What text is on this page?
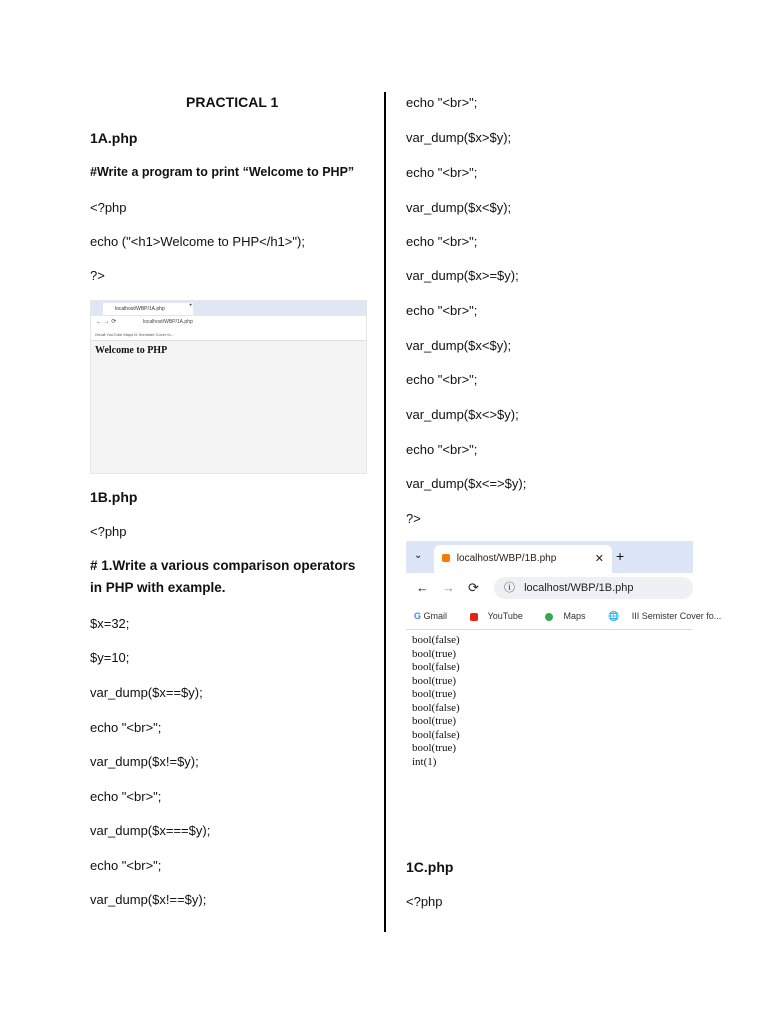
PRACTICAL 1
1A.php
#Write a program to print “Welcome to PHP”
<?php
echo ("<h1>Welcome to PHP</h1>");
?>
1B.php
<?php
# 1.Write a various comparison operators in PHP with example.
$x=32;
$y=10;
var_dump($x==$y);
echo "<br>";
var_dump($x!=$y);
echo "<br>";
var_dump($x===$y);
echo "<br>";
var_dump($x!==$y);
localhost/WBP/1A.php	+
← → ⟳	localhost/WBP/1A.php
Gmail YouTube Maps III Semister Cover fo...
Welcome to PHP
echo "<br>";
var_dump($x>$y);
echo "<br>";
var_dump($x<$y);
echo "<br>";
var_dump($x>=$y);
echo "<br>";
var_dump($x<$y);
echo "<br>";
var_dump($x<>$y);
echo "<br>";
var_dump($x<=>$y);
?>
1C.php
<?php
⌄	localhost/WBP/1B.php	✕ +
← → ⟳	ⓘ localhost/WBP/1B.php
G Gmail	YouTube	Maps	🌐 III Semister Cover fo...
bool(false)
bool(true)
bool(false)
bool(true)
bool(true)
bool(false)
bool(true)
bool(false)
bool(true)
int(1)
